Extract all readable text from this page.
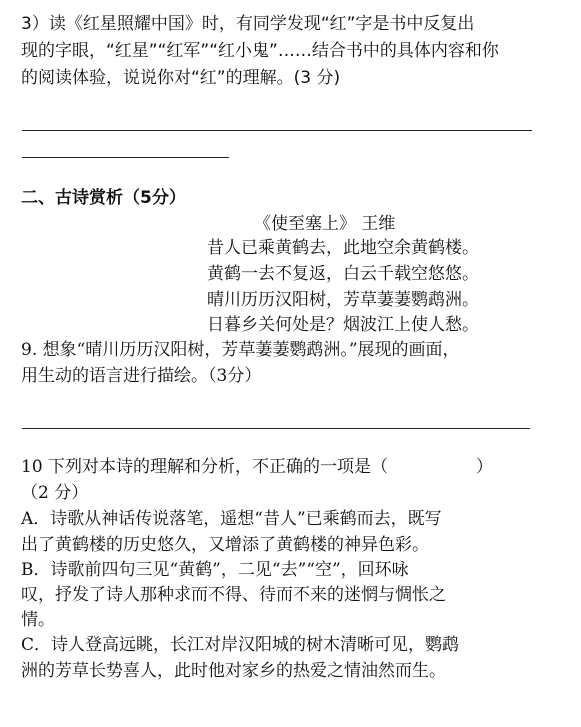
3）读《红星照耀中国》时，有同学发现“红”字是书中反复出
现的字眼，“红星”“红军”“红小鬼”……结合书中的具体内容和你
的阅读体验，说说你对“红”的理解。(3 分)
二、古诗赏析（5分）
《使至塞上》 王维
昔人已乘黄鹤去，此地空余黄鹤楼。
黄鹤一去不复返，白云千载空悠悠。
晴川历历汉阳树，芳草萋萋鹦鹉洲。
日暮乡关何处是？烟波江上使人愁。
9. 想象“晴川历历汉阳树，芳草萋萋鹦鹉洲。”展现的画面，
用生动的语言进行描绘。（3分）
10 下列对本诗的理解和分析，不正确的一项是（	）
（2 分）
A．诗歌从神话传说落笔，遥想“昔人”已乘鹤而去，既写
出了黄鹤楼的历史悠久，又增添了黄鹤楼的神异色彩。
B．诗歌前四句三见“黄鹤”，二见“去”“空”，回环咏
叹，抒发了诗人那种求而不得、待而不来的迷惘与惆怅之
情。
C．诗人登高远眺，长江对岸汉阳城的树木清晰可见，鹦鹉
洲的芳草长势喜人，此时他对家乡的热爱之情油然而生。
